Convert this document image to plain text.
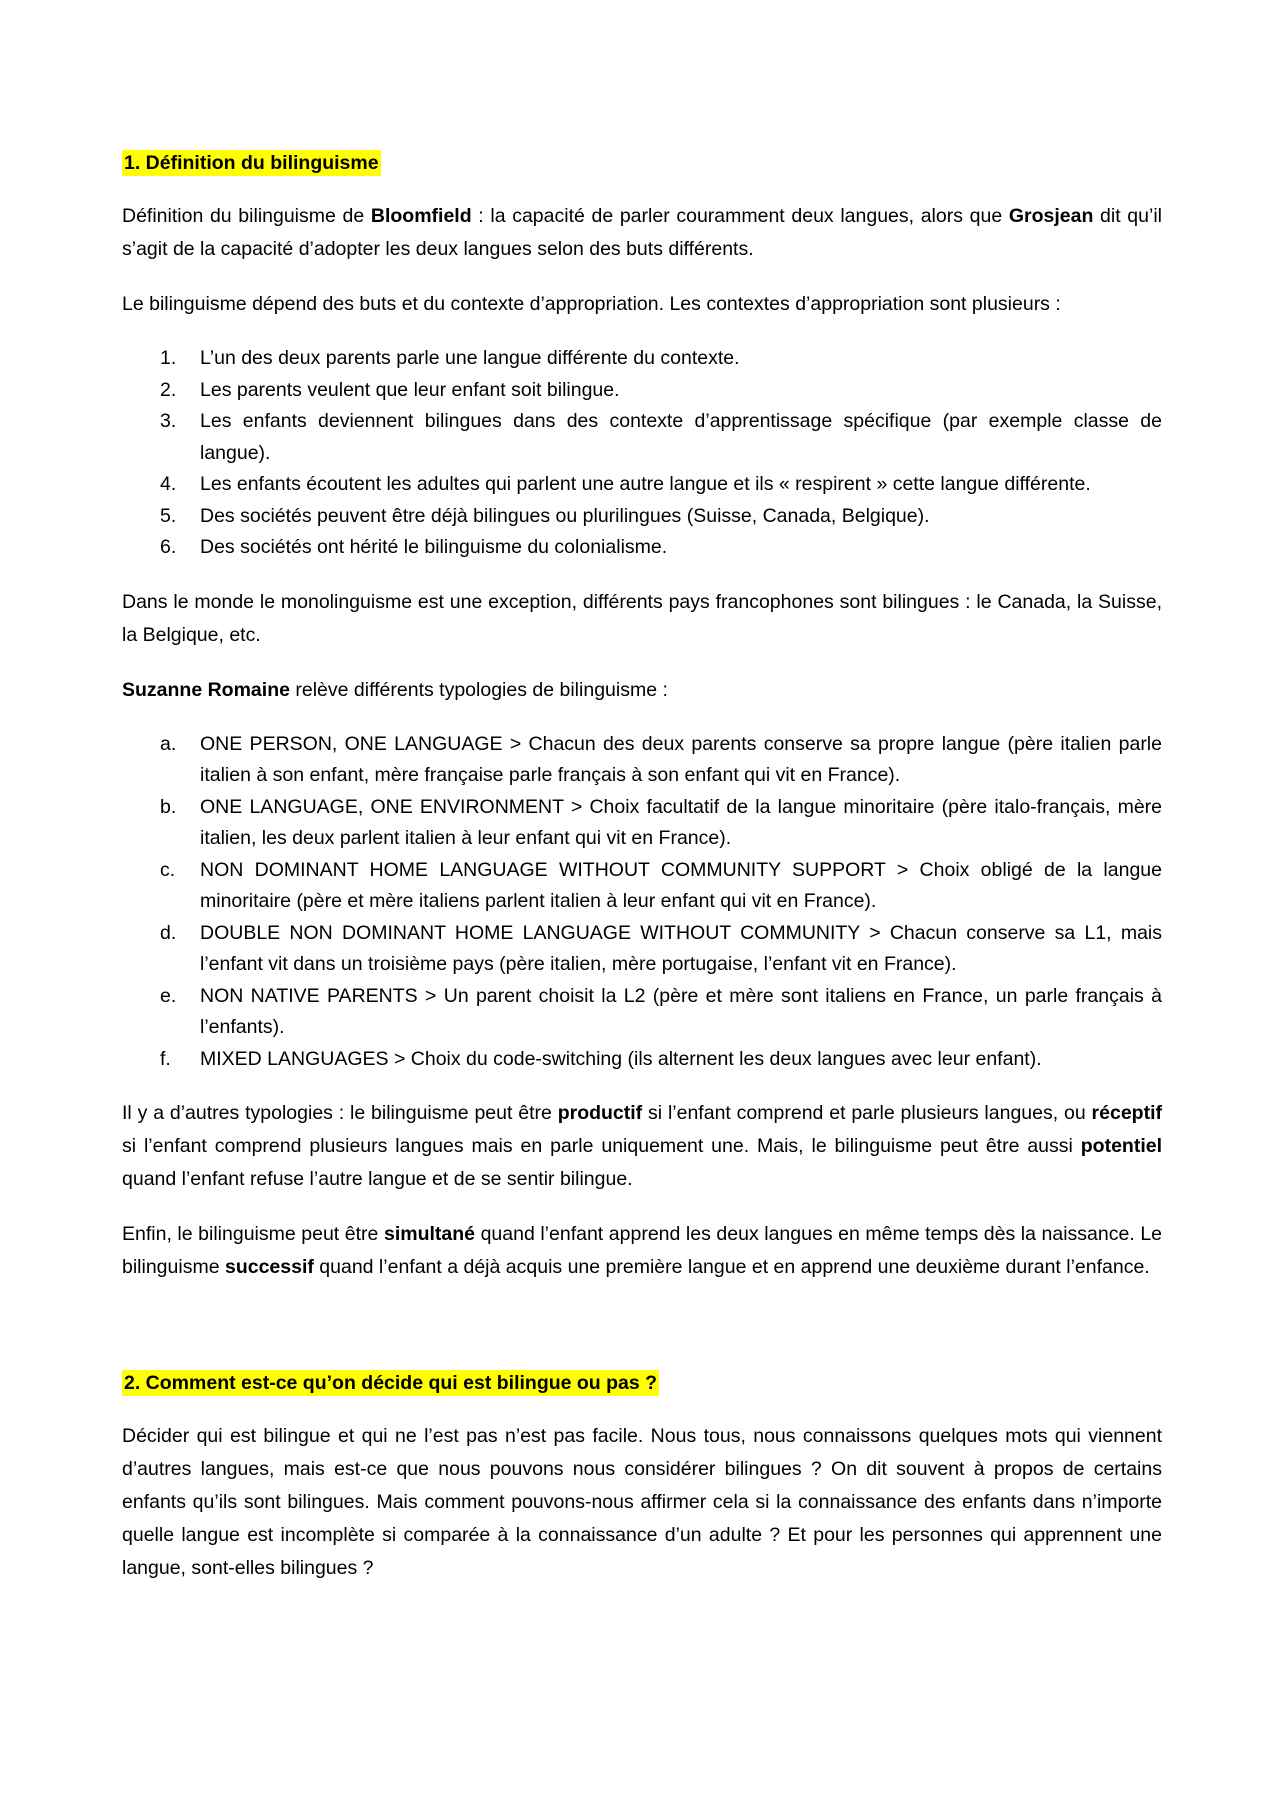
1. Définition du bilinguisme

Définition du bilinguisme de Bloomfield : la capacité de parler couramment deux langues, alors que Grosjean dit qu’il s’agit de la capacité d’adopter les deux langues selon des buts différents.

Le bilinguisme dépend des buts et du contexte d’appropriation. Les contextes d’appropriation sont plusieurs :

1.	L’un des deux parents parle une langue différente du contexte.
2.	Les parents veulent que leur enfant soit bilingue.
3.	Les enfants deviennent bilingues dans des contexte d’apprentissage spécifique (par exemple classe de langue).
4.	Les enfants écoutent les adultes qui parlent une autre langue et ils « respirent » cette langue différente.
5.	Des sociétés peuvent être déjà bilingues ou plurilingues (Suisse, Canada, Belgique).
6.	Des sociétés ont hérité le bilinguisme du colonialisme.

Dans le monde le monolinguisme est une exception, différents pays francophones sont bilingues : le Canada, la Suisse, la Belgique, etc.

Suzanne Romaine relève différents typologies de bilinguisme :

a.	ONE PERSON, ONE LANGUAGE > Chacun des deux parents conserve sa propre langue (père italien parle italien à son enfant, mère française parle français à son enfant qui vit en France).
b.	ONE LANGUAGE, ONE ENVIRONMENT > Choix facultatif de la langue minoritaire (père italo-français, mère italien, les deux parlent italien à leur enfant qui vit en France).
c.	NON DOMINANT HOME LANGUAGE WITHOUT COMMUNITY SUPPORT > Choix obligé de la langue minoritaire (père et mère italiens parlent italien à leur enfant qui vit en France).
d.	DOUBLE NON DOMINANT HOME LANGUAGE WITHOUT COMMUNITY > Chacun conserve sa L1, mais l’enfant vit dans un troisième pays (père italien, mère portugaise, l’enfant vit en France).
e.	NON NATIVE PARENTS > Un parent choisit la L2 (père et mère sont italiens en France, un parle français à l’enfants).
f.	MIXED LANGUAGES > Choix du code-switching (ils alternent les deux langues avec leur enfant).

Il y a d’autres typologies : le bilinguisme peut être productif si l’enfant comprend et parle plusieurs langues, ou réceptif si l’enfant comprend plusieurs langues mais en parle uniquement une. Mais, le bilinguisme peut être aussi potentiel quand l’enfant refuse l’autre langue et de se sentir bilingue.

Enfin, le bilinguisme peut être simultané quand l’enfant apprend les deux langues en même temps dès la naissance. Le bilinguisme successif quand l’enfant a déjà acquis une première langue et en apprend une deuxième durant l’enfance.

2. Comment est-ce qu’on décide qui est bilingue ou pas ?

Décider qui est bilingue et qui ne l’est pas n’est pas facile. Nous tous, nous connaissons quelques mots qui viennent d’autres langues, mais est-ce que nous pouvons nous considérer bilingues ? On dit souvent à propos de certains enfants qu’ils sont bilingues. Mais comment pouvons-nous affirmer cela si la connaissance des enfants dans n’importe quelle langue est incomplète si comparée à la connaissance d’un adulte ? Et pour les personnes qui apprennent une langue, sont-elles bilingues ?
